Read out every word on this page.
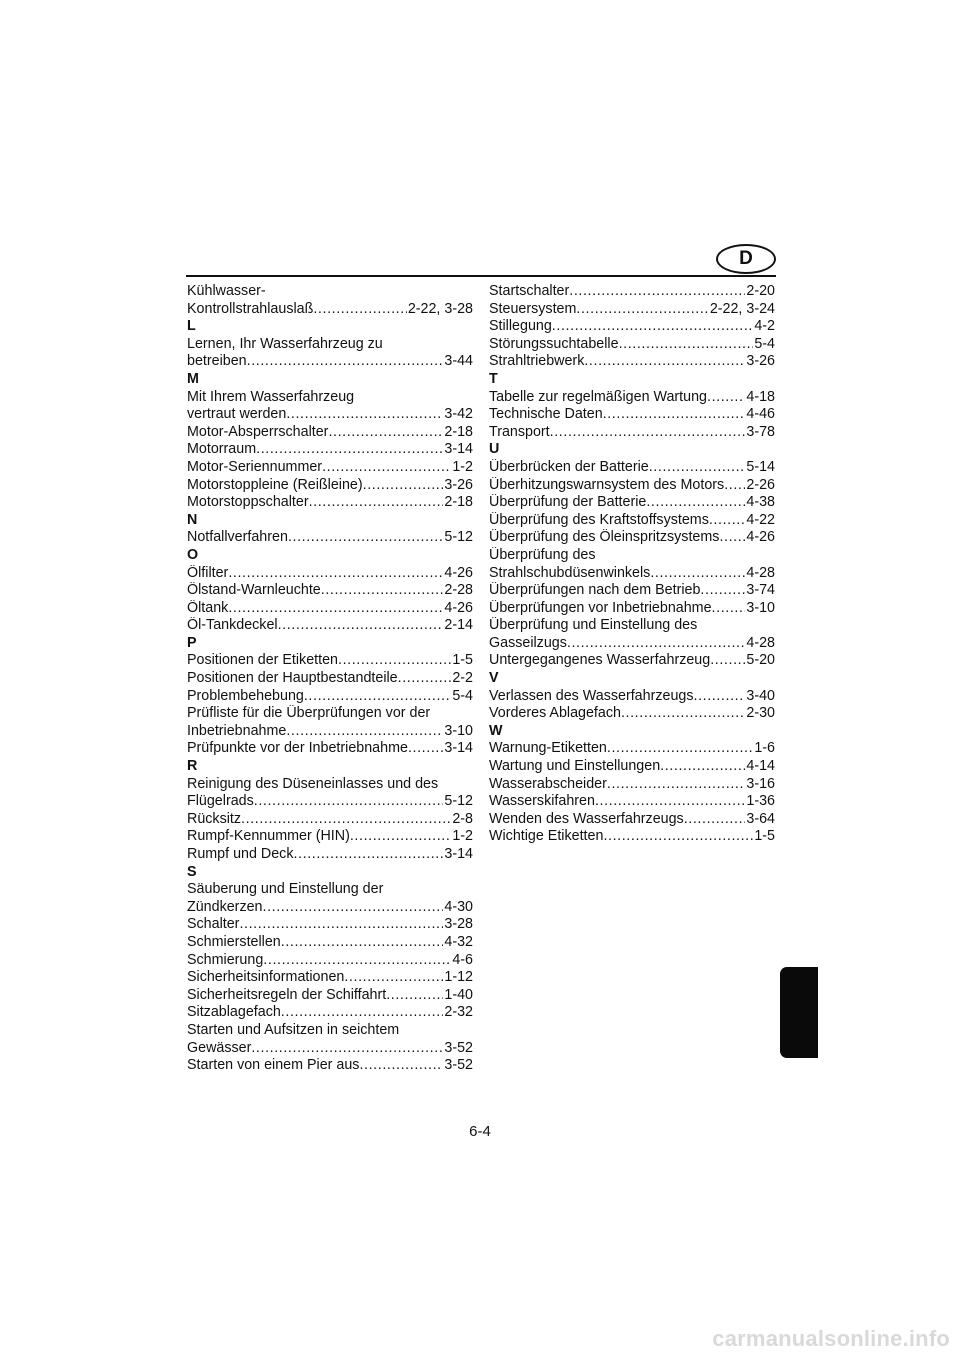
D
Kühlwasser-
Kontrollstrahlauslaß .....	2-22, 3-28
L
Lernen, Ihr Wasserfahrzeug zu
betreiben .....	3-44
M
Mit Ihrem Wasserfahrzeug
vertraut werden .....	3-42
Motor-Absperrschalter .....	2-18
Motorraum .....	3-14
Motor-Seriennummer .....	1-2
Motorstoppleine (Reißleine) .....	3-26
Motorstoppschalter .....	2-18
N
Notfallverfahren .....	5-12
O
Ölfilter .....	4-26
Ölstand-Warnleuchte .....	2-28
Öltank .....	4-26
Öl-Tankdeckel .....	2-14
P
Positionen der Etiketten .....	1-5
Positionen der Hauptbestandteile .....	2-2
Problembehebung .....	5-4
Prüfliste für die Überprüfungen vor der
Inbetriebnahme .....	3-10
Prüfpunkte vor der Inbetriebnahme .....	3-14
R
Reinigung des Düseneinlasses und des
Flügelrads .....	5-12
Rücksitz .....	2-8
Rumpf-Kennummer (HIN) .....	1-2
Rumpf und Deck .....	3-14
S
Säuberung und Einstellung der
Zündkerzen .....	4-30
Schalter .....	3-28
Schmierstellen .....	4-32
Schmierung .....	4-6
Sicherheitsinformationen .....	1-12
Sicherheitsregeln der Schiffahrt .....	1-40
Sitzablagefach .....	2-32
Starten und Aufsitzen in seichtem
Gewässer .....	3-52
Starten von einem Pier aus .....	3-52
Startschalter .....	2-20
Steuersystem .....	2-22, 3-24
Stillegung .....	4-2
Störungssuchtabelle .....	5-4
Strahltriebwerk .....	3-26
T
Tabelle zur regelmäßigen Wartung .....	4-18
Technische Daten .....	4-46
Transport .....	3-78
U
Überbrücken der Batterie .....	5-14
Überhitzungswarnsystem des Motors ..... 2-26
Überprüfung der Batterie .....	4-38
Überprüfung des Kraftstoffsystems .....	4-22
Überprüfung des Öleinspritzsystems ..... 4-26
Überprüfung des
Strahlschubdüsenwinkels .....	4-28
Überprüfungen nach dem Betrieb .....	3-74
Überprüfungen vor Inbetriebnahme ..... 3-10
Überprüfung und Einstellung des
Gasseilzugs .....	4-28
Untergegangenes Wasserfahrzeug .....	5-20
V
Verlassen des Wasserfahrzeugs .....	3-40
Vorderes Ablagefach .....	2-30
W
Warnung-Etiketten .....	1-6
Wartung und Einstellungen .....	4-14
Wasserabscheider .....	3-16
Wasserskifahren .....	1-36
Wenden des Wasserfahrzeugs .....	3-64
Wichtige Etiketten .....	1-5
6-4
carmanualsonline.info
